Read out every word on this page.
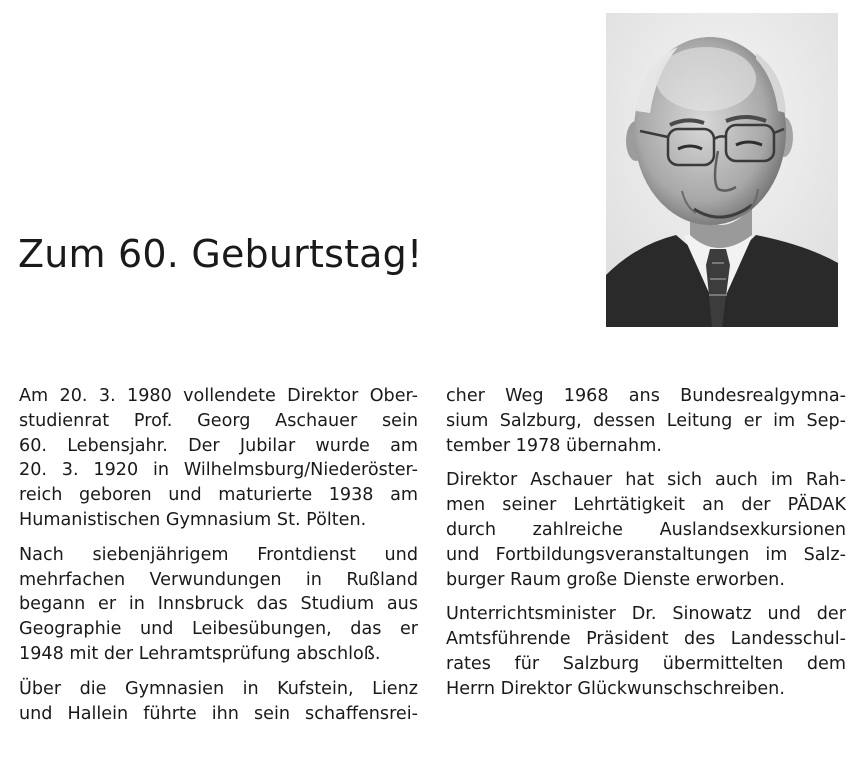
Zum 60. Geburtstag!

Am 20. 3. 1980 vollendete Direktor Ober-
studienrat Prof. Georg Aschauer sein
60. Lebensjahr. Der Jubilar wurde am
20. 3. 1920 in Wilhelmsburg/Niederöster-
reich geboren und maturierte 1938 am
Humanistischen Gymnasium St. Pölten.

Nach siebenjährigem Frontdienst und
mehrfachen Verwundungen in Rußland
begann er in Innsbruck das Studium aus
Geographie und Leibesübungen, das er
1948 mit der Lehramtsprüfung abschloß.

Über die Gymnasien in Kufstein, Lienz
und Hallein führte ihn sein schaffensrei-

cher Weg 1968 ans Bundesrealgymna-
sium Salzburg, dessen Leitung er im Sep-
tember 1978 übernahm.

Direktor Aschauer hat sich auch im Rah-
men seiner Lehrtätigkeit an der PÄDAK
durch zahlreiche Auslandsexkursionen
und Fortbildungsveranstaltungen im Salz-
burger Raum große Dienste erworben.

Unterrichtsminister Dr. Sinowatz und der
Amtsführende Präsident des Landesschul-
rates für Salzburg übermittelten dem
Herrn Direktor Glückwunschschreiben.
